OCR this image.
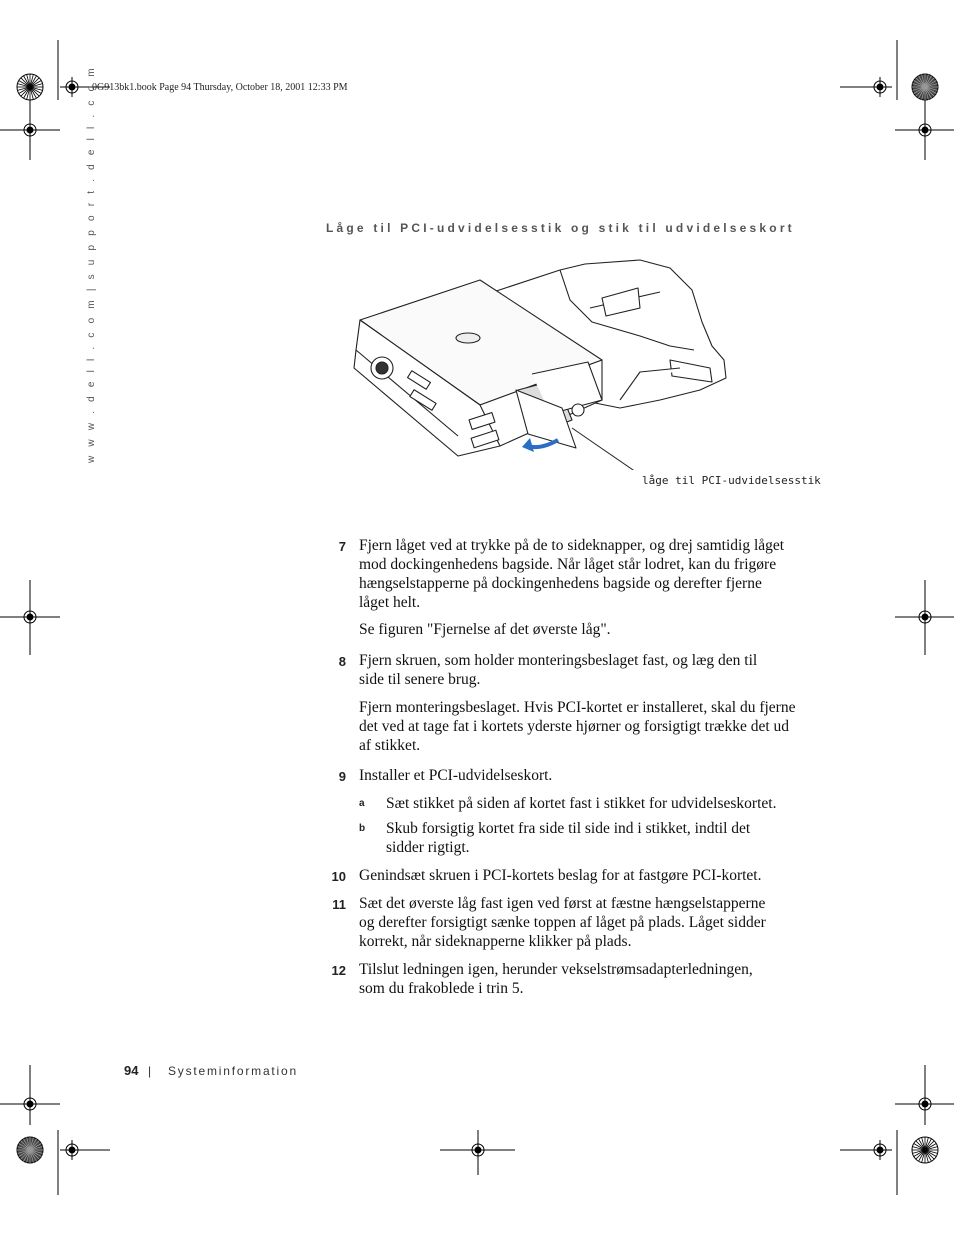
0G913bk1.book Page 94 Thursday, October 18, 2001 12:33 PM
w w w . d e l l . c o m | s u p p o r t . d e l l . c o m	Låge til PCI-udvidelsesstik og stik til udvidelseskort
låge til PCI-udvidelsesstik
7 Fjern låget ved at trykke på de to sideknapper, og drej samtidig låget
mod dockingenhedens bagside. Når låget står lodret, kan du frigøre
hængselstapperne på dockingenhedens bagside og derefter fjerne
låget helt.
Se figuren "Fjernelse af det øverste låg".
8 Fjern skruen, som holder monteringsbeslaget fast, og læg den til
side til senere brug.
Fjern monteringsbeslaget. Hvis PCI-kortet er installeret, skal du fjerne
det ved at tage fat i kortets yderste hjørner og forsigtigt trække det ud
af stikket.
9 Installer et PCI-udvidelseskort.
a Sæt stikket på siden af kortet fast i stikket for udvidelseskortet.
b Skub forsigtig kortet fra side til side ind i stikket, indtil det
sidder rigtigt.
10 Genindsæt skruen i PCI-kortets beslag for at fastgøre PCI-kortet.
11 Sæt det øverste låg fast igen ved først at fæstne hængselstapperne
og derefter forsigtigt sænke toppen af låget på plads. Låget sidder
korrekt, når sideknapperne klikker på plads.
12 Tilslut ledningen igen, herunder vekselstrømsadapterledningen,
som du frakoblede i trin 5.
94 | Systeminformation
